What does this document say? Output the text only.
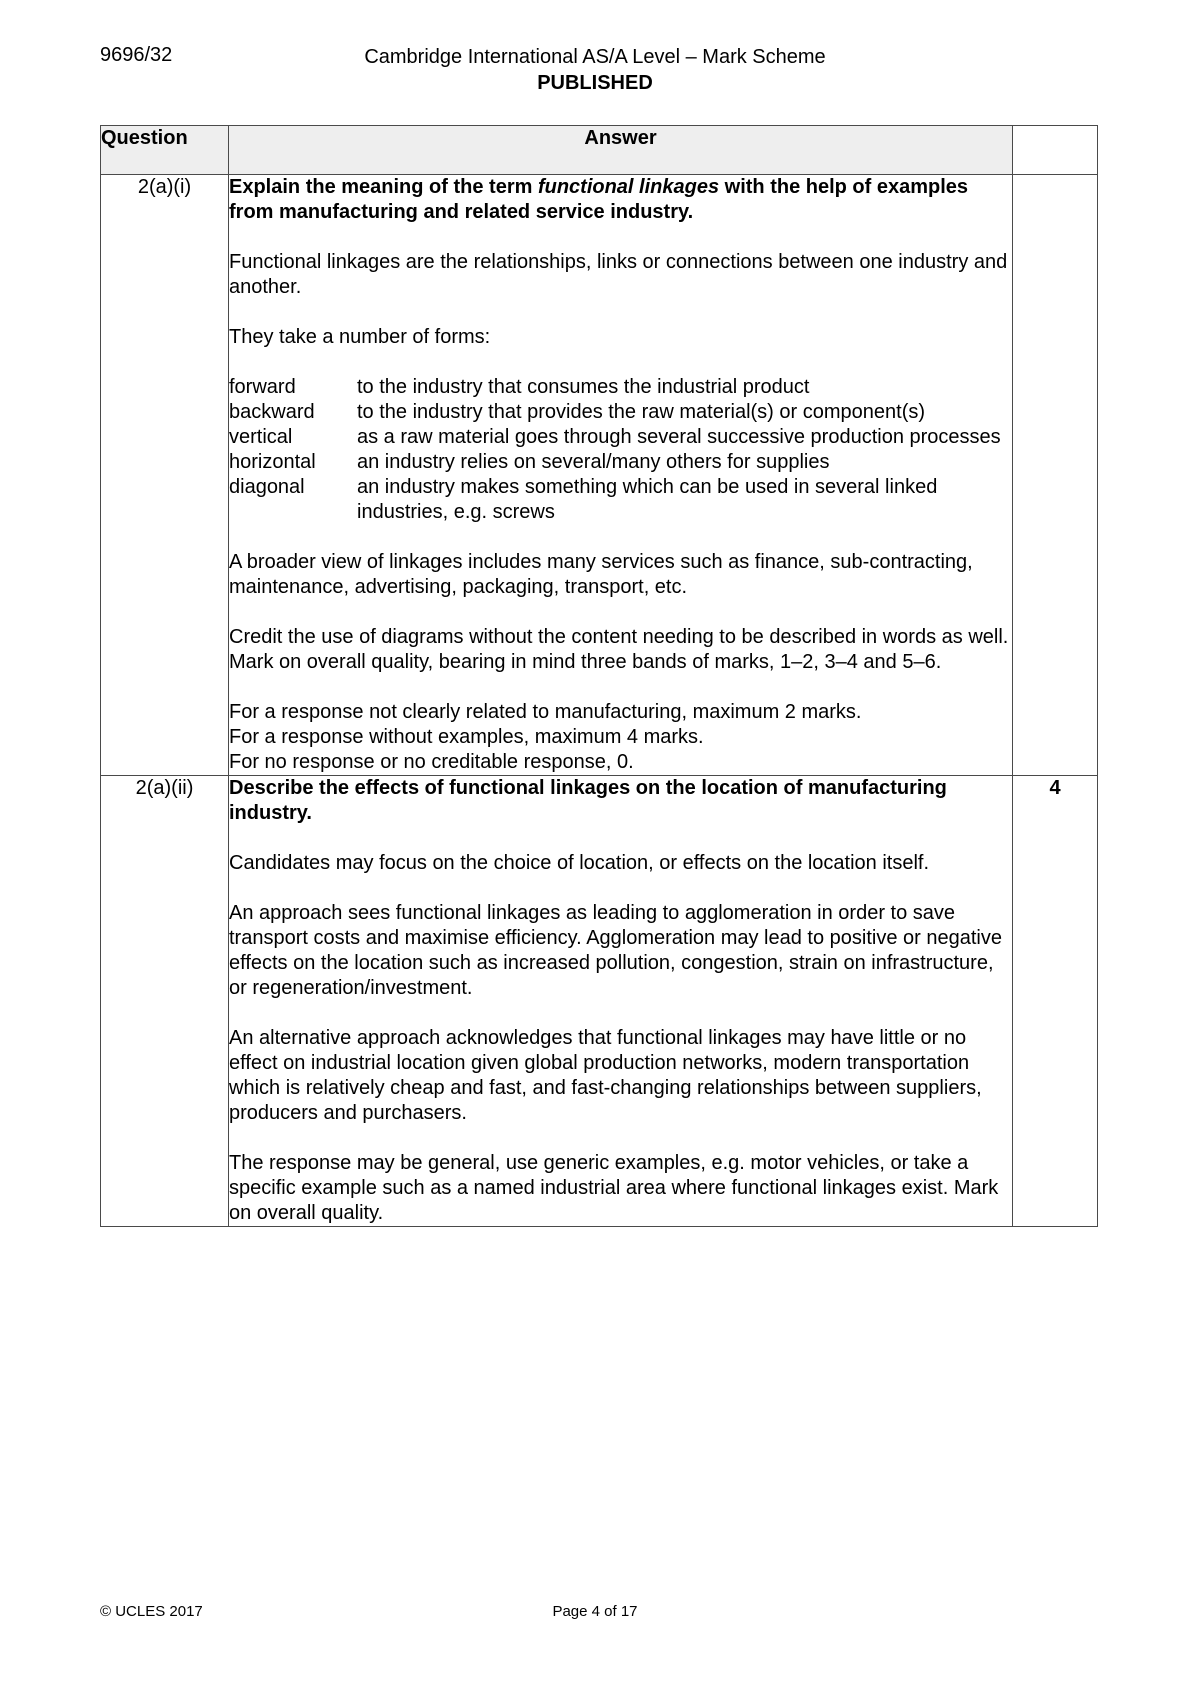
9696/32	Cambridge International AS/A Level – Mark Scheme
PUBLISHED
Question	Answer	
2(a)(i)	Explain the meaning of the term functional linkages with the help of examples from manufacturing and related service industry.

Functional linkages are the relationships, links or connections between one industry and another.

They take a number of forms:

forward	to the industry that consumes the industrial product
backward	to the industry that provides the raw material(s) or component(s)
vertical	as a raw material goes through several successive production processes
horizontal	an industry relies on several/many others for supplies
diagonal	an industry makes something which can be used in several linked industries, e.g. screws

A broader view of linkages includes many services such as finance, sub-contracting, maintenance, advertising, packaging, transport, etc.

Credit the use of diagrams without the content needing to be described in words as well. Mark on overall quality, bearing in mind three bands of marks, 1–2, 3–4 and 5–6.

For a response not clearly related to manufacturing, maximum 2 marks.
For a response without examples, maximum 4 marks.
For no response or no creditable response, 0.

2(a)(ii)	Describe the effects of functional linkages on the location of manufacturing industry.

Candidates may focus on the choice of location, or effects on the location itself.

An approach sees functional linkages as leading to agglomeration in order to save transport costs and maximise efficiency. Agglomeration may lead to positive or negative effects on the location such as increased pollution, congestion, strain on infrastructure, or regeneration/investment.

An alternative approach acknowledges that functional linkages may have little or no effect on industrial location given global production networks, modern transportation which is relatively cheap and fast, and fast-changing relationships between suppliers, producers and purchasers.

The response may be general, use generic examples, e.g. motor vehicles, or take a specific example such as a named industrial area where functional linkages exist. Mark on overall quality.

	4
© UCLES 2017	Page 4 of 17
